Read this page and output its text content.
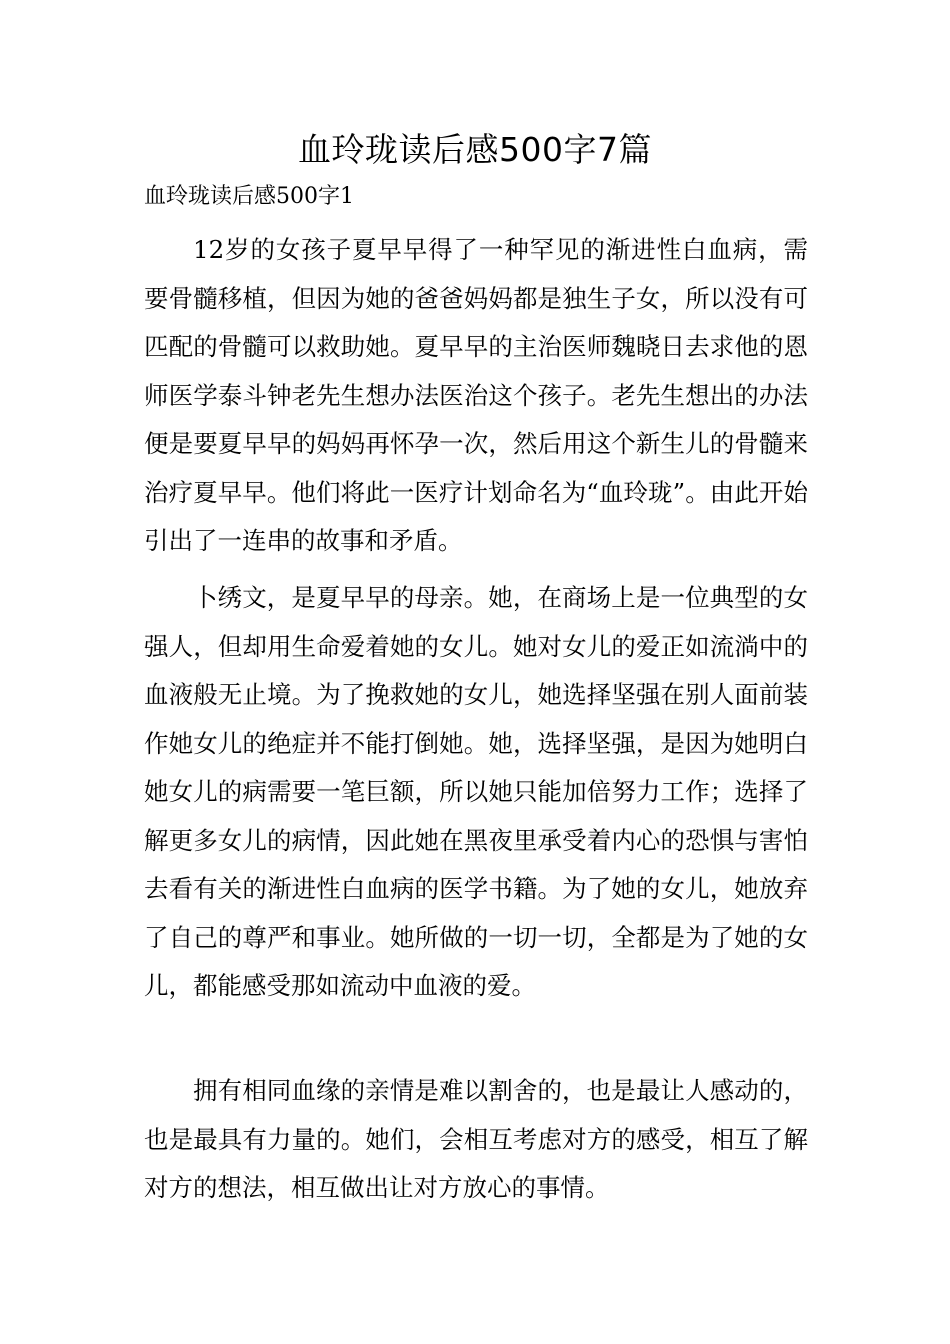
血玲珑读后感500字7篇
血玲珑读后感500字1

12岁的女孩子夏早早得了一种罕见的渐进性白血病，需要骨髓移植，但因为她的爸爸妈妈都是独生子女，所以没有可匹配的骨髓可以救助她。夏早早的主治医师魏晓日去求他的恩师医学泰斗钟老先生想办法医治这个孩子。老先生想出的办法便是要夏早早的妈妈再怀孕一次，然后用这个新生儿的骨髓来治疗夏早早。他们将此一医疗计划命名为“血玲珑”。由此开始引出了一连串的故事和矛盾。

卜绣文，是夏早早的母亲。她，在商场上是一位典型的女强人，但却用生命爱着她的女儿。她对女儿的爱正如流淌中的血液般无止境。为了挽救她的女儿，她选择坚强在别人面前装作她女儿的绝症并不能打倒她。她，选择坚强，是因为她明白她女儿的病需要一笔巨额，所以她只能加倍努力工作；选择了解更多女儿的病情，因此她在黑夜里承受着内心的恐惧与害怕去看有关的渐进性白血病的医学书籍。为了她的女儿，她放弃了自己的尊严和事业。她所做的一切一切，全都是为了她的女儿，都能感受那如流动中血液的爱。

拥有相同血缘的亲情是难以割舍的，也是最让人感动的，也是最具有力量的。她们，会相互考虑对方的感受，相互了解对方的想法，相互做出让对方放心的事情。
